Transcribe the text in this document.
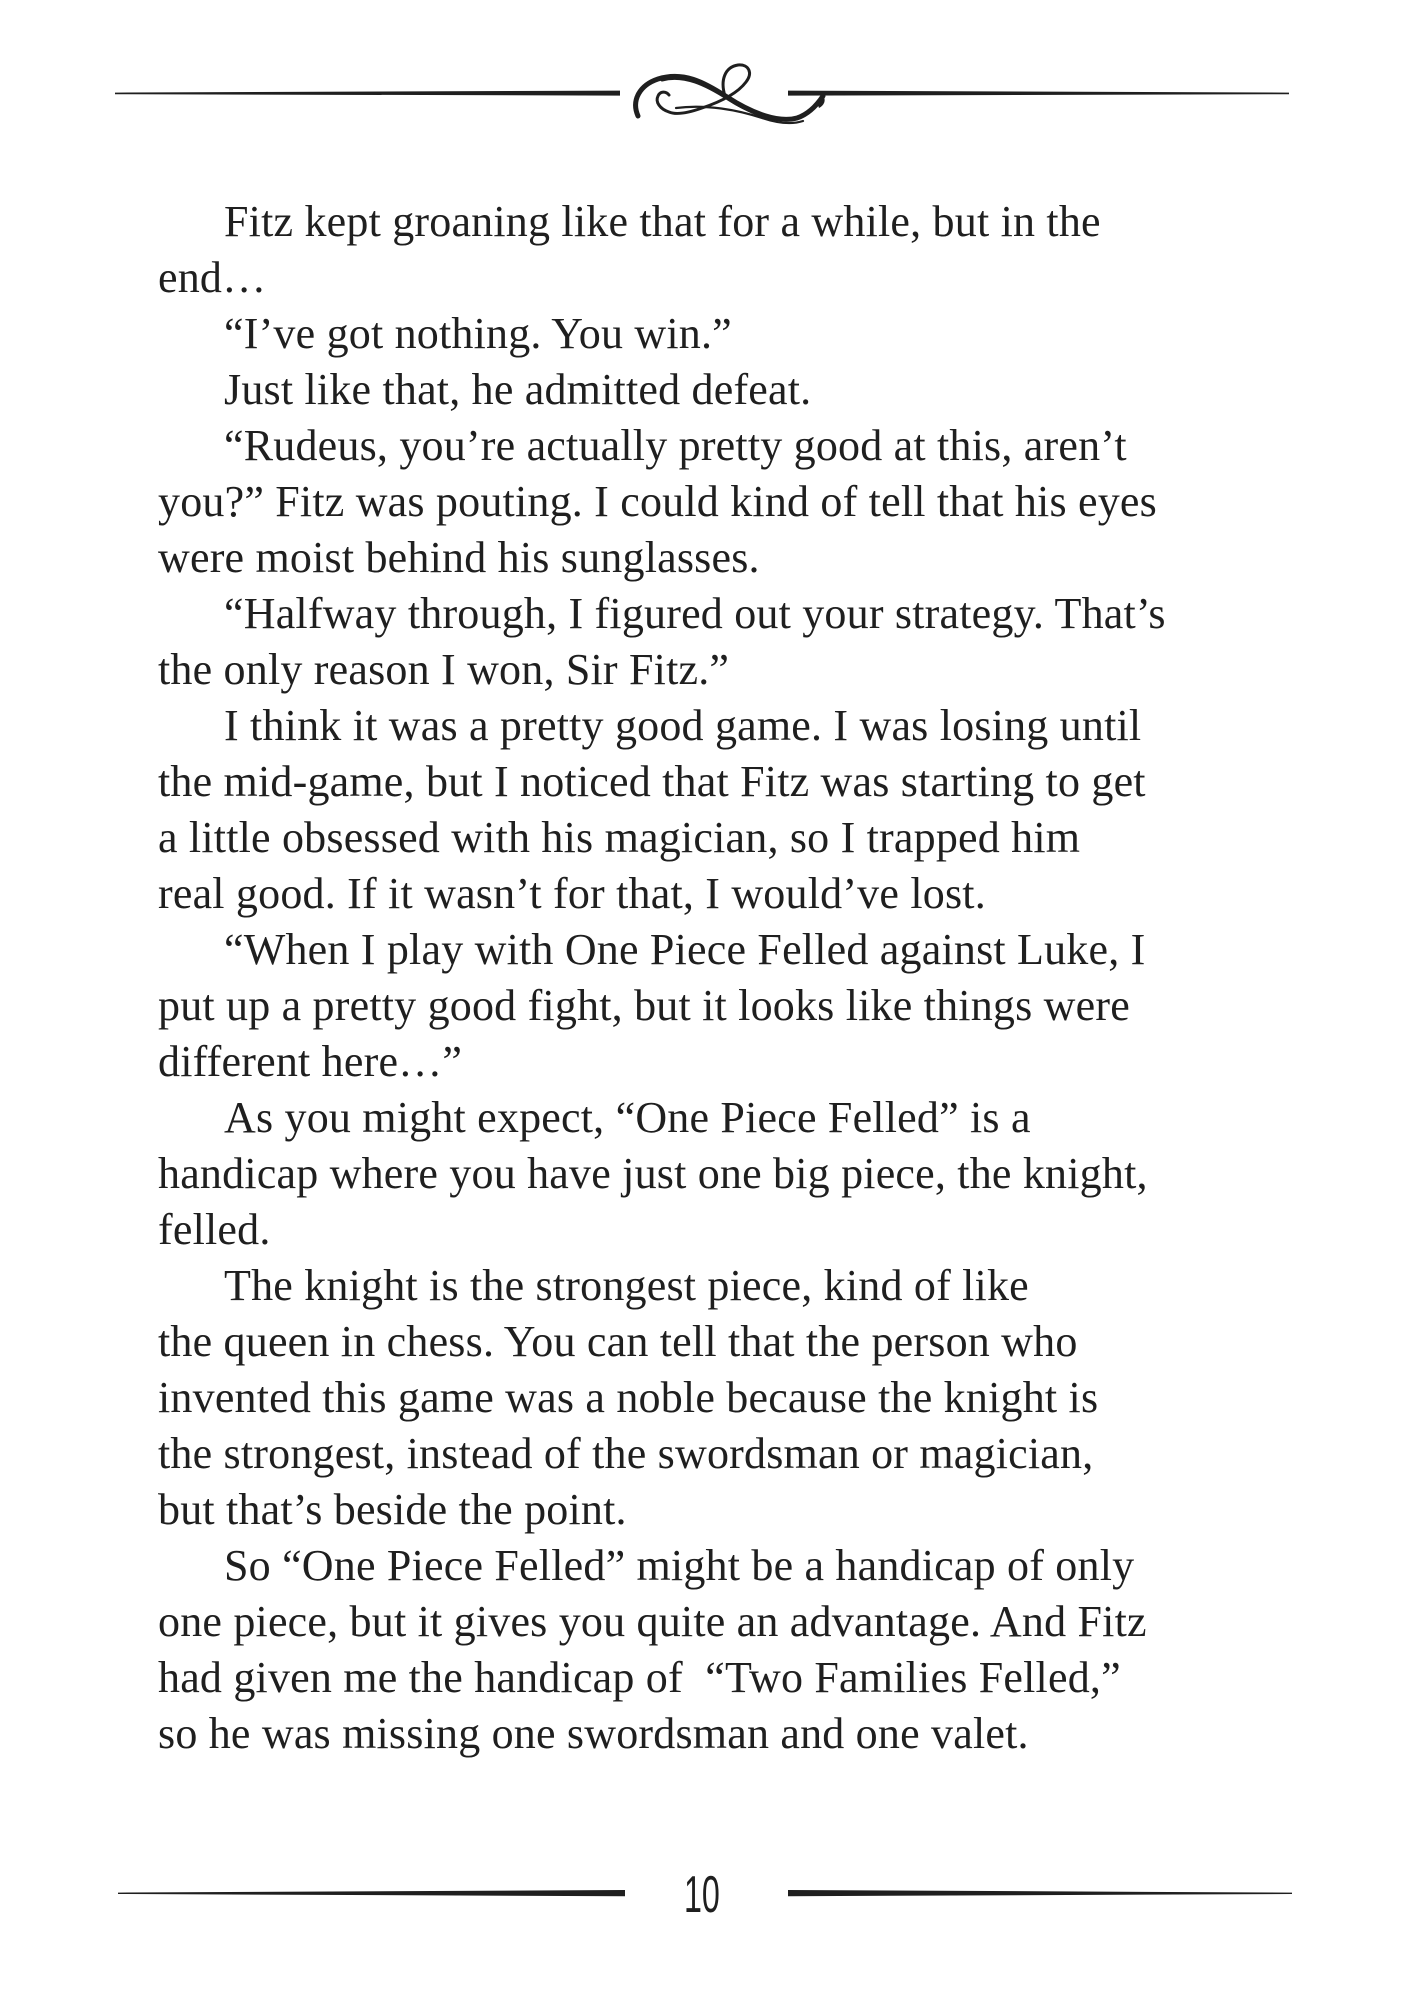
Fitz kept groaning like that for a while, but in the
end…
“I’ve got nothing. You win.”
Just like that, he admitted defeat.
“Rudeus, you’re actually pretty good at this, aren’t
you?” Fitz was pouting. I could kind of tell that his eyes
were moist behind his sunglasses.
“Halfway through, I figured out your strategy. That’s
the only reason I won, Sir Fitz.”
I think it was a pretty good game. I was losing until
the mid-game, but I noticed that Fitz was starting to get
a little obsessed with his magician, so I trapped him
real good. If it wasn’t for that, I would’ve lost.
“When I play with One Piece Felled against Luke, I
put up a pretty good fight, but it looks like things were
different here…”
As you might expect, “One Piece Felled” is a
handicap where you have just one big piece, the knight,
felled.
The knight is the strongest piece, kind of like
the queen in chess. You can tell that the person who
invented this game was a noble because the knight is
the strongest, instead of the swordsman or magician,
but that’s beside the point.
So “One Piece Felled” might be a handicap of only
one piece, but it gives you quite an advantage. And Fitz
had given me the handicap of  “Two Families Felled,”
so he was missing one swordsman and one valet.
10
